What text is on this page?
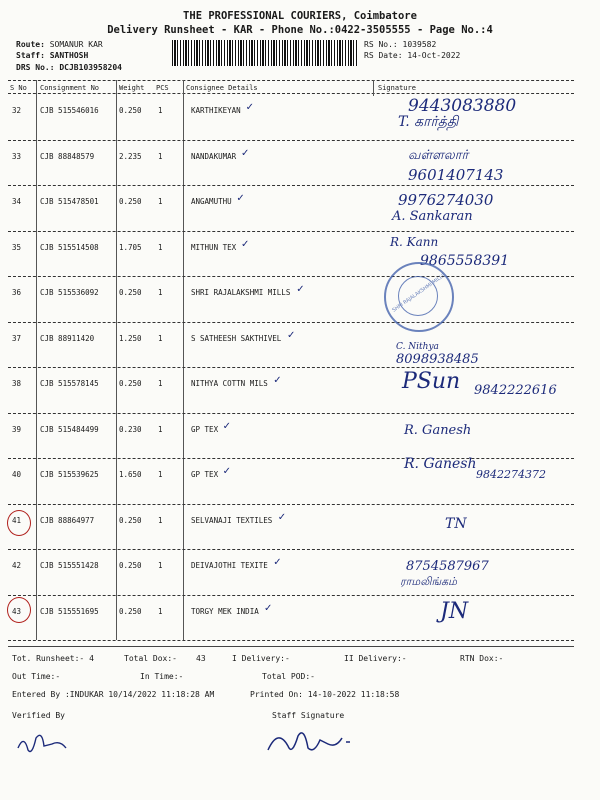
THE PROFESSIONAL COURIERS, Coimbatore
Delivery Runsheet - KAR - Phone No.:0422-3505555 - Page No.:4
Route: SOMANUR KAR
Staff: SANTHOSH
DRS No.: DCJB103958204
RS No.: 1039582
RS Date: 14-Oct-2022
S No Consignment No	Weight PCS Consignee Details	Signature
32	CJB 515546016	0.250 1	KARTHIKEYAN ✓	9443083880
T. கார்த்தி
33	CJB 88848579	2.235 1	NANDAKUMAR ✓	வள்ளலார்
9601407143
34	CJB 515478501	0.250 1	ANGAMUTHU ✓	9976274030
A. Sankaran
35	CJB 515514508	1.705 1	MITHUN TEX ✓	R. Kann
9865558391
36	CJB 515536092	0.250 1	SHRI RAJALAKSHMI MILLS ✓
37	CJB 88911420	1.250 1	S SATHEESH SAKTHIVEL ✓
C. Nithya
8098938485
38	CJB 515578145	0.250 1	NITHYA COTTN MILS ✓	PSun 9842222616
39	CJB 515484499	0.230 1	GP TEX ✓	R. Ganesh
40	CJB 515539625	1.650 1	GP TEX ✓	R. Ganesh
9842274372
41	CJB 88864977	0.250 1	SELVANAJI TEXTILES ✓	TN
42	CJB 515551428	0.250 1	DEIVAJOTHI TEXITE ✓	8754587967
ராமலிங்கம்
43	CJB 515551695	0.250 1	TORGY MEK INDIA ✓	JN
SHRI RAJALAKSHMI MILLS
Tot. Runsheet:- 4	Total Dox:- 43	I Delivery:-	II Delivery:-	RTN Dox:-
Out Time:-	In Time:-	Total POD:-
Entered By :INDUKAR 10/14/2022 11:18:28 AM	Printed On: 14-10-2022 11:18:58
Verified By	Staff Signature
